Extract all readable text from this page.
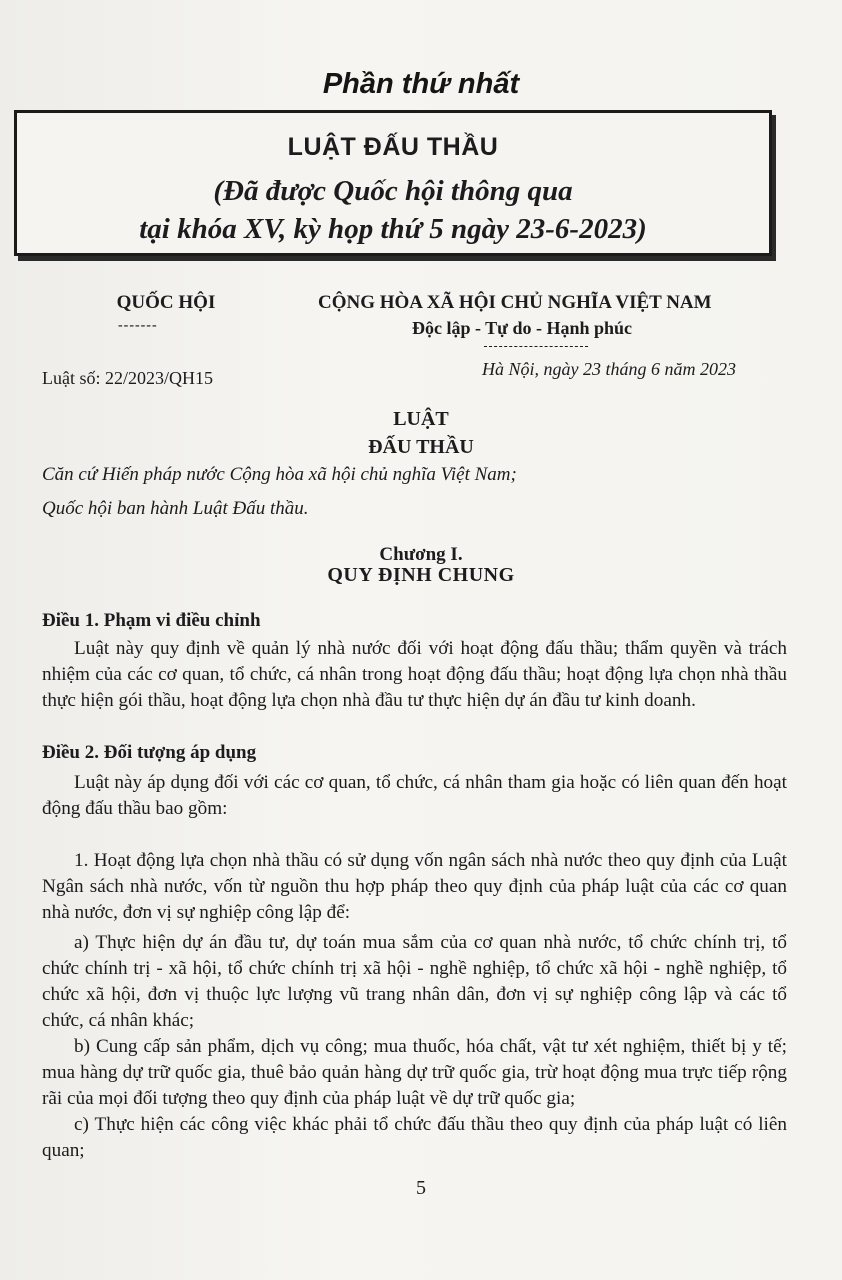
Phần thứ nhất
LUẬT ĐẤU THẦU
(Đã được Quốc hội thông qua
tại khóa XV, kỳ họp thứ 5 ngày 23-6-2023)
QUỐC HỘI
-------
CỘNG HÒA XÃ HỘI CHỦ NGHĨA VIỆT NAM
Độc lập - Tự do - Hạnh phúc
Luật số: 22/2023/QH15	Hà Nội, ngày 23 tháng 6 năm 2023
LUẬT
ĐẤU THẦU
Căn cứ Hiến pháp nước Cộng hòa xã hội chủ nghĩa Việt Nam;
Quốc hội ban hành Luật Đấu thầu.
Chương I.
QUY ĐỊNH CHUNG
Điều 1. Phạm vi điều chỉnh
Luật này quy định về quản lý nhà nước đối với hoạt động đấu thầu; thẩm quyền và trách nhiệm của các cơ quan, tổ chức, cá nhân trong hoạt động đấu thầu; hoạt động lựa chọn nhà thầu thực hiện gói thầu, hoạt động lựa chọn nhà đầu tư thực hiện dự án đầu tư kinh doanh.
Điều 2. Đối tượng áp dụng
Luật này áp dụng đối với các cơ quan, tổ chức, cá nhân tham gia hoặc có liên quan đến hoạt động đấu thầu bao gồm:
1. Hoạt động lựa chọn nhà thầu có sử dụng vốn ngân sách nhà nước theo quy định của Luật Ngân sách nhà nước, vốn từ nguồn thu hợp pháp theo quy định của pháp luật của các cơ quan nhà nước, đơn vị sự nghiệp công lập để:
a) Thực hiện dự án đầu tư, dự toán mua sắm của cơ quan nhà nước, tổ chức chính trị, tổ chức chính trị - xã hội, tổ chức chính trị xã hội - nghề nghiệp, tổ chức xã hội - nghề nghiệp, tổ chức xã hội, đơn vị thuộc lực lượng vũ trang nhân dân, đơn vị sự nghiệp công lập và các tổ chức, cá nhân khác;
b) Cung cấp sản phẩm, dịch vụ công; mua thuốc, hóa chất, vật tư xét nghiệm, thiết bị y tế; mua hàng dự trữ quốc gia, thuê bảo quản hàng dự trữ quốc gia, trừ hoạt động mua trực tiếp rộng rãi của mọi đối tượng theo quy định của pháp luật về dự trữ quốc gia;
c) Thực hiện các công việc khác phải tổ chức đấu thầu theo quy định của pháp luật có liên quan;
5
